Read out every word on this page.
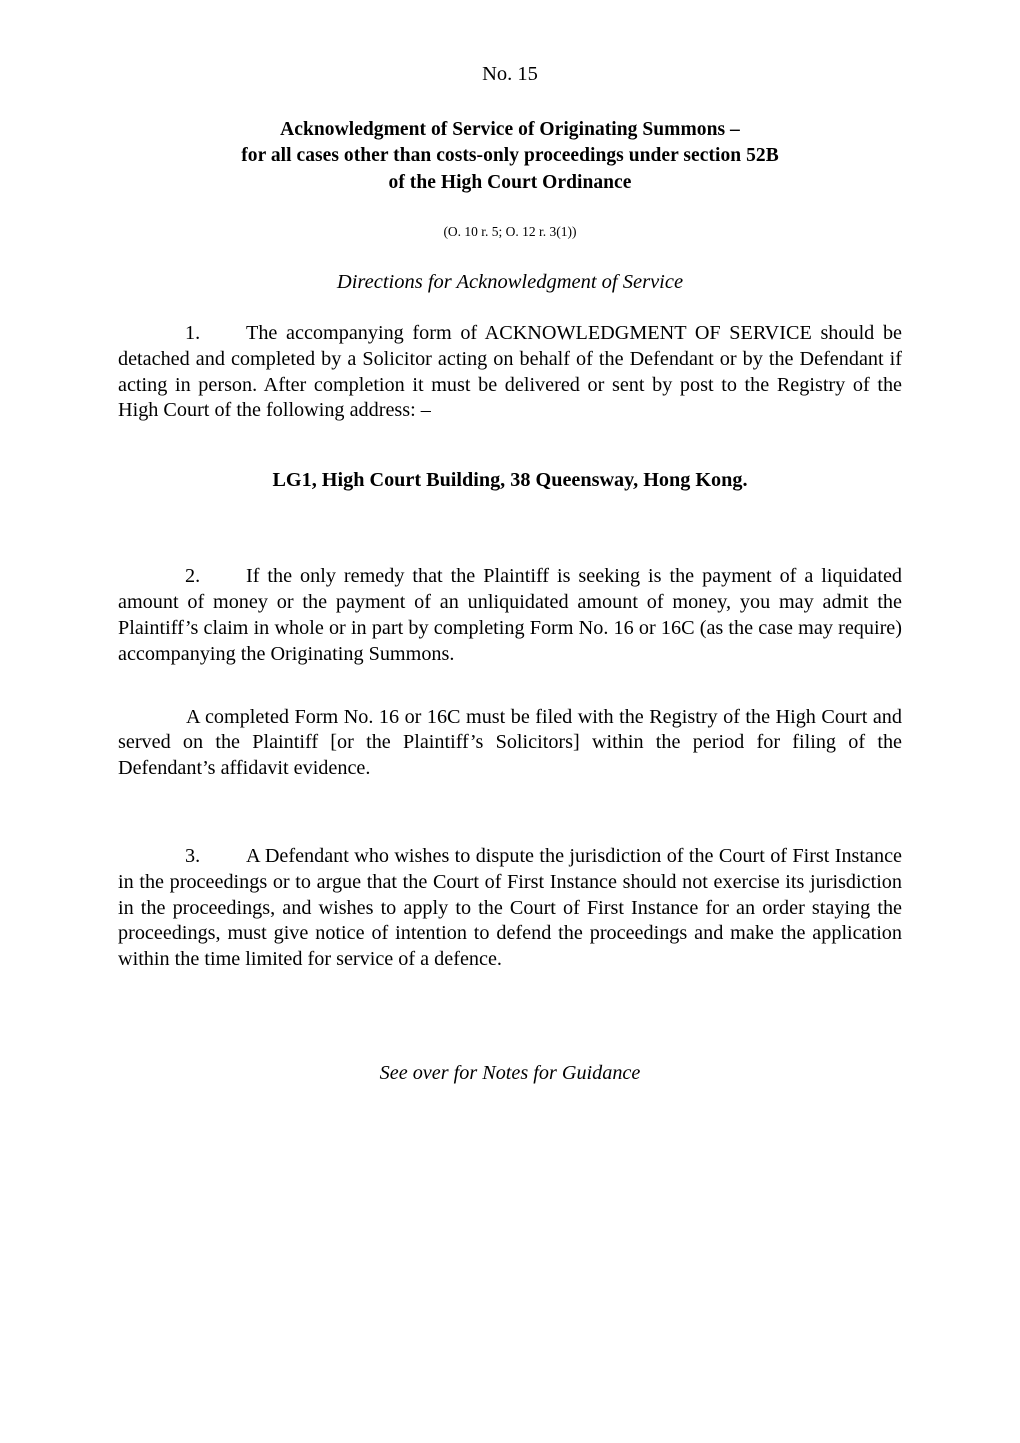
No. 15
Acknowledgment of Service of Originating Summons –
for all cases other than costs-only proceedings under section 52B
of the High Court Ordinance
(O. 10 r. 5; O. 12 r. 3(1))
Directions for Acknowledgment of Service

1. The accompanying form of ACKNOWLEDGMENT OF SERVICE should be detached and completed by a Solicitor acting on behalf of the Defendant or by the Defendant if acting in person. After completion it must be delivered or sent by post to the Registry of the High Court of the following address: –

LG1, High Court Building, 38 Queensway, Hong Kong.

2. If the only remedy that the Plaintiff is seeking is the payment of a liquidated amount of money or the payment of an unliquidated amount of money, you may admit the Plaintiff’s claim in whole or in part by completing Form No. 16 or 16C (as the case may require) accompanying the Originating Summons.

A completed Form No. 16 or 16C must be filed with the Registry of the High Court and served on the Plaintiff [or the Plaintiff’s Solicitors] within the period for filing of the Defendant’s affidavit evidence.

3. A Defendant who wishes to dispute the jurisdiction of the Court of First Instance in the proceedings or to argue that the Court of First Instance should not exercise its jurisdiction in the proceedings, and wishes to apply to the Court of First Instance for an order staying the proceedings, must give notice of intention to defend the proceedings and make the application within the time limited for service of a defence.

See over for Notes for Guidance
